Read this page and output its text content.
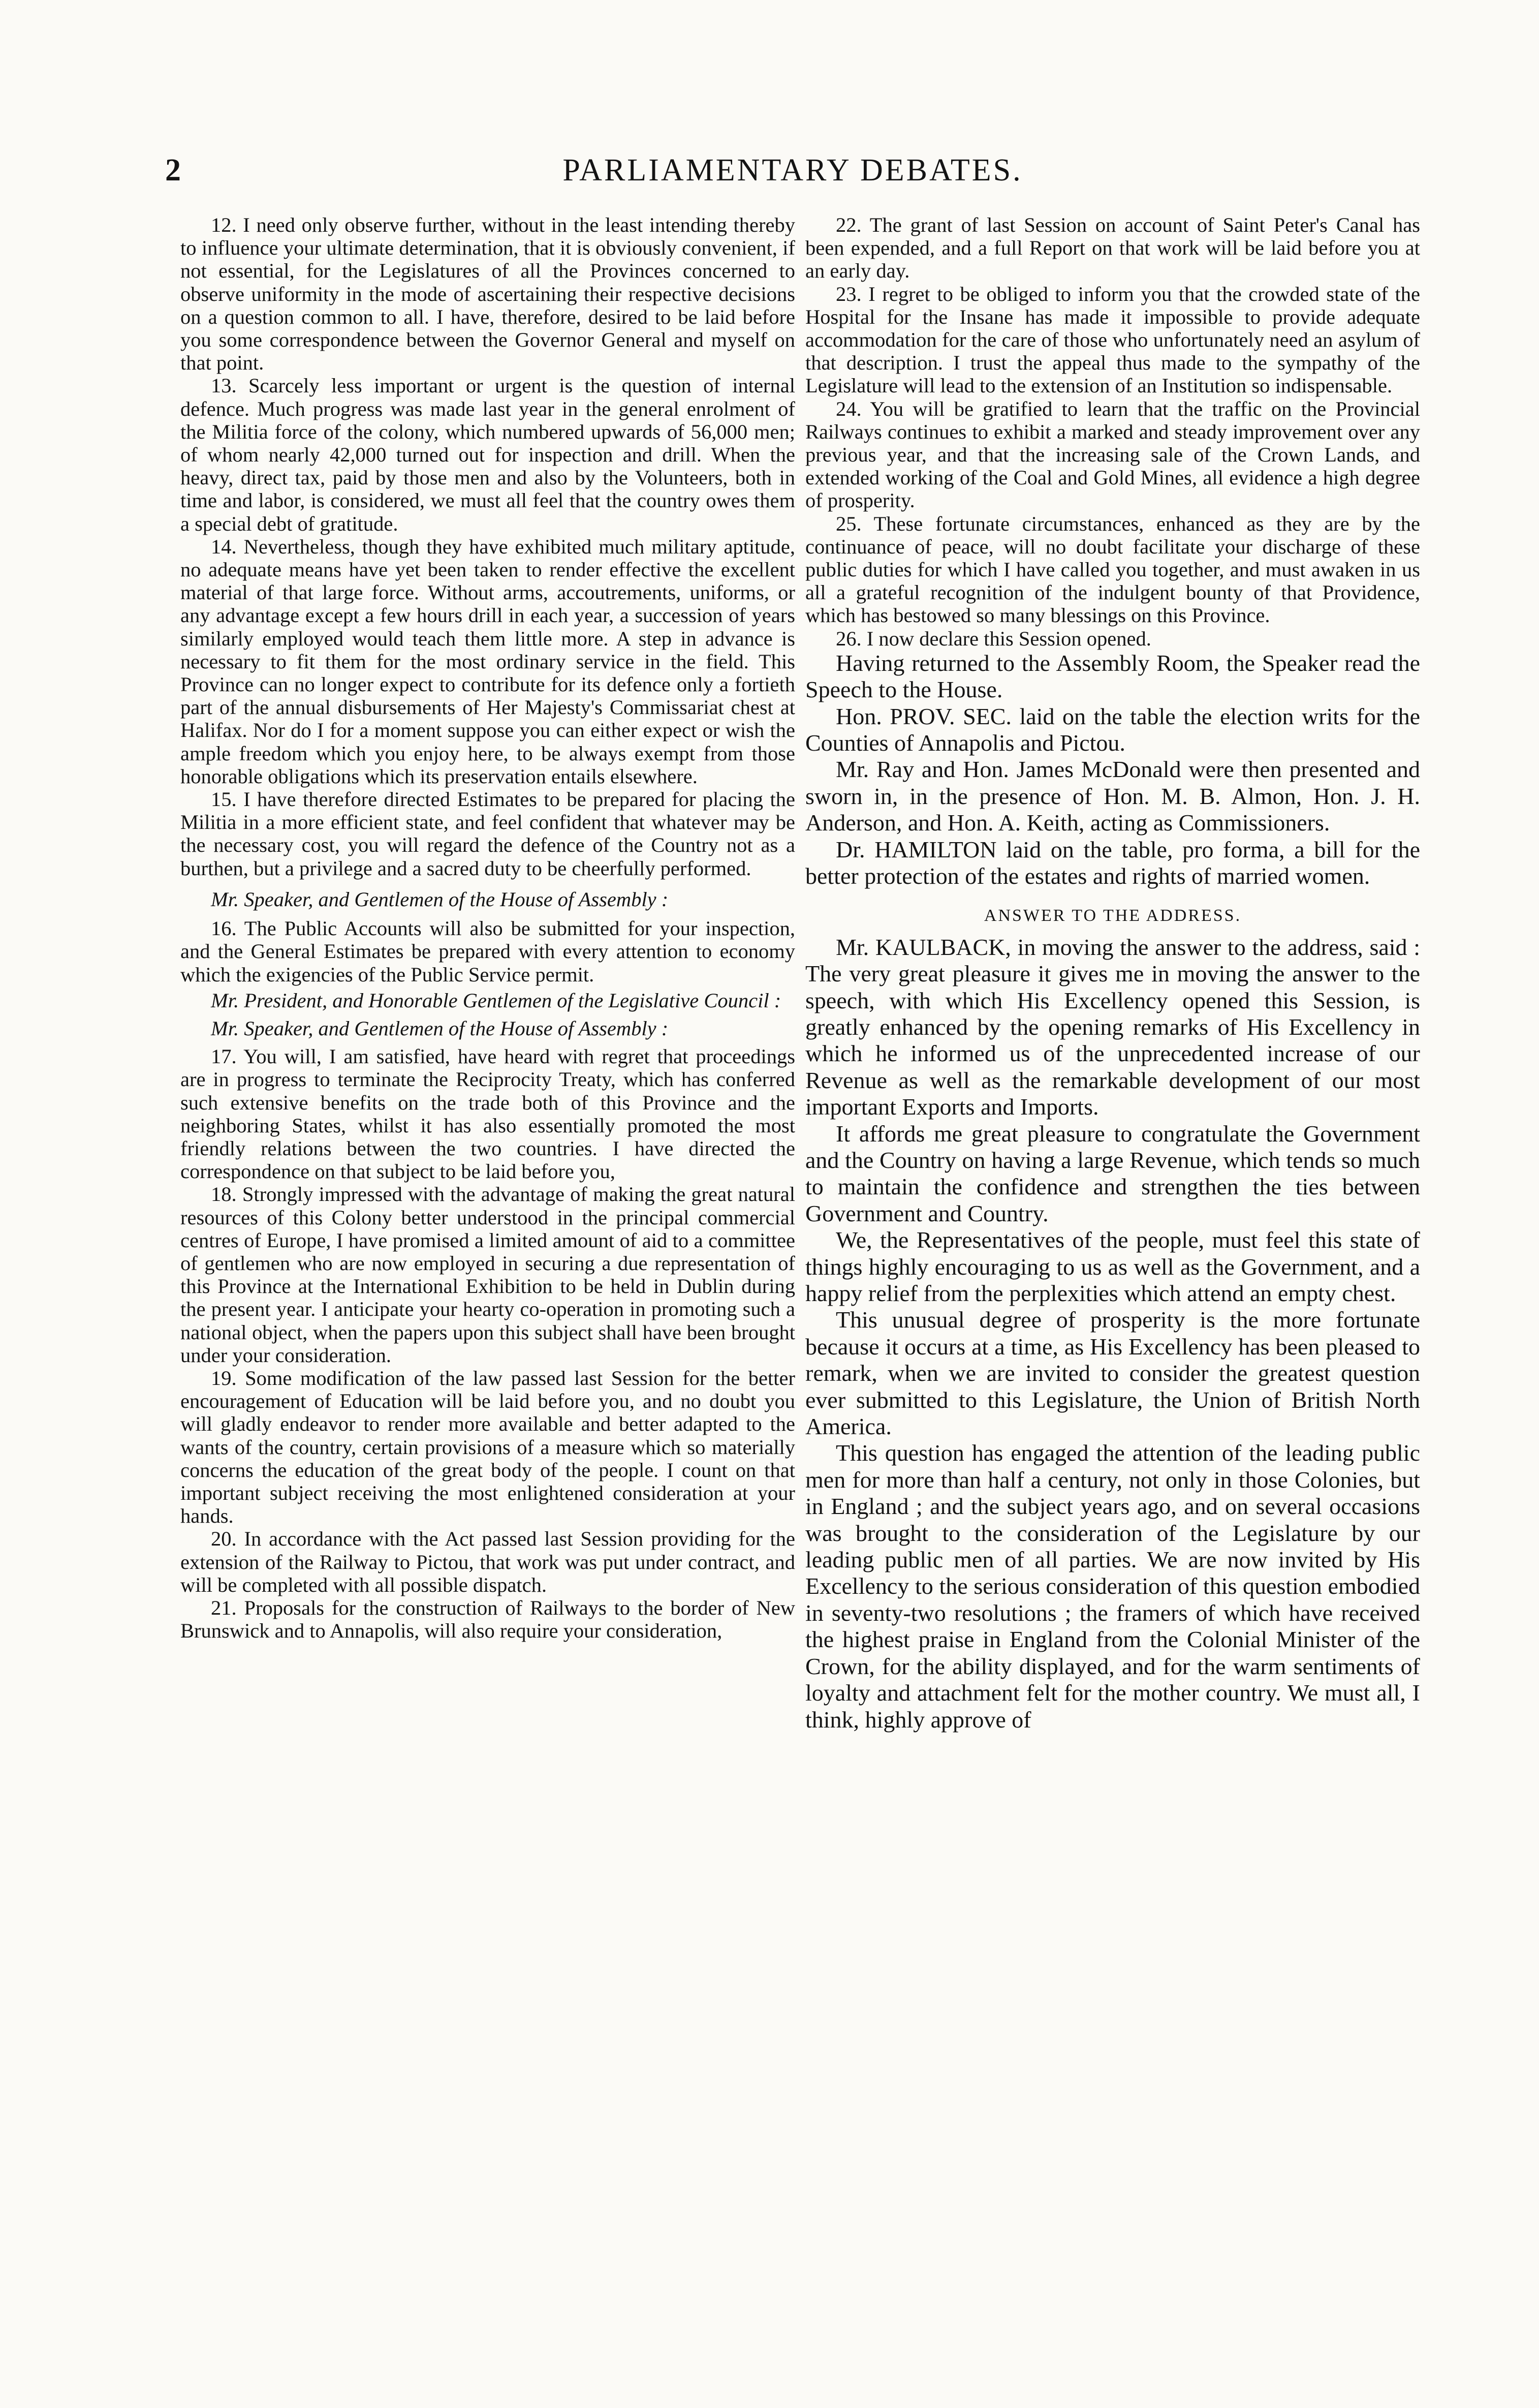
2	PARLIAMENTARY DEBATES.

12. I need only observe further, without in the least intending thereby to influence your ultimate determination, that it is obviously convenient, if not essential, for the Legislatures of all the Provinces concerned to observe uniformity in the mode of ascertaining their respective decisions on a question common to all. I have, therefore, desired to be laid before you some correspondence between the Governor General and myself on that point.

13. Scarcely less important or urgent is the question of internal defence. Much progress was made last year in the general enrolment of the Militia force of the colony, which numbered upwards of 56,000 men; of whom nearly 42,000 turned out for inspection and drill. When the heavy, direct tax, paid by those men and also by the Volunteers, both in time and labor, is considered, we must all feel that the country owes them a special debt of gratitude.

14. Nevertheless, though they have exhibited much military aptitude, no adequate means have yet been taken to render effective the excellent material of that large force. Without arms, accoutrements, uniforms, or any advantage except a few hours drill in each year, a succession of years similarly employed would teach them little more. A step in advance is necessary to fit them for the most ordinary service in the field. This Province can no longer expect to contribute for its defence only a fortieth part of the annual disbursements of Her Majesty's Commissariat chest at Halifax. Nor do I for a moment suppose you can either expect or wish the ample freedom which you enjoy here, to be always exempt from those honorable obligations which its preservation entails elsewhere.

15. I have therefore directed Estimates to be prepared for placing the Militia in a more efficient state, and feel confident that whatever may be the necessary cost, you will regard the defence of the Country not as a burthen, but a privilege and a sacred duty to be cheerfully performed.

Mr. Speaker, and Gentlemen of the House of Assembly :

16. The Public Accounts will also be submitted for your inspection, and the General Estimates be prepared with every attention to economy which the exigencies of the Public Service permit.

Mr. President, and Honorable Gentlemen of the Legislative Council :

Mr. Speaker, and Gentlemen of the House of Assembly :

17. You will, I am satisfied, have heard with regret that proceedings are in progress to terminate the Reciprocity Treaty, which has conferred such extensive benefits on the trade both of this Province and the neighboring States, whilst it has also essentially promoted the most friendly relations between the two countries. I have directed the correspondence on that subject to be laid before you,

18. Strongly impressed with the advantage of making the great natural resources of this Colony better understood in the principal commercial centres of Europe, I have promised a limited amount of aid to a committee of gentlemen who are now employed in securing a due representation of this Province at the International Exhibition to be held in Dublin during the present year. I anticipate your hearty co-operation in promoting such a national object, when the papers upon this subject shall have been brought under your consideration.

19. Some modification of the law passed last Session for the better encouragement of Education will be laid before you, and no doubt you will gladly endeavor to render more available and better adapted to the wants of the country, certain provisions of a measure which so materially concerns the education of the great body of the people. I count on that important subject receiving the most enlightened consideration at your hands.

20. In accordance with the Act passed last Session providing for the extension of the Railway to Pictou, that work was put under contract, and will be completed with all possible dispatch.

21. Proposals for the construction of Railways to the border of New Brunswick and to Annapolis, will also require your consideration,

22. The grant of last Session on account of Saint Peter's Canal has been expended, and a full Report on that work will be laid before you at an early day.

23. I regret to be obliged to inform you that the crowded state of the Hospital for the Insane has made it impossible to provide adequate accommodation for the care of those who unfortunately need an asylum of that description. I trust the appeal thus made to the sympathy of the Legislature will lead to the extension of an Institution so indispensable.

24. You will be gratified to learn that the traffic on the Provincial Railways continues to exhibit a marked and steady improvement over any previous year, and that the increasing sale of the Crown Lands, and extended working of the Coal and Gold Mines, all evidence a high degree of prosperity.

25. These fortunate circumstances, enhanced as they are by the continuance of peace, will no doubt facilitate your discharge of these public duties for which I have called you together, and must awaken in us all a grateful recognition of the indulgent bounty of that Providence, which has bestowed so many blessings on this Province.

26. I now declare this Session opened.

Having returned to the Assembly Room, the Speaker read the Speech to the House.

Hon. PROV. SEC. laid on the table the election writs for the Counties of Annapolis and Pictou.

Mr. Ray and Hon. James McDonald were then presented and sworn in, in the presence of Hon. M. B. Almon, Hon. J. H. Anderson, and Hon. A. Keith, acting as Commissioners.

Dr. HAMILTON laid on the table, pro forma, a bill for the better protection of the estates and rights of married women.

ANSWER TO THE ADDRESS.

Mr. KAULBACK, in moving the answer to the address, said : The very great pleasure it gives me in moving the answer to the speech, with which His Excellency opened this Session, is greatly enhanced by the opening remarks of His Excellency in which he informed us of the unprecedented increase of our Revenue as well as the remarkable development of our most important Exports and Imports.

It affords me great pleasure to congratulate the Government and the Country on having a large Revenue, which tends so much to maintain the confidence and strengthen the ties between Government and Country.

We, the Representatives of the people, must feel this state of things highly encouraging to us as well as the Government, and a happy relief from the perplexities which attend an empty chest.

This unusual degree of prosperity is the more fortunate because it occurs at a time, as His Excellency has been pleased to remark, when we are invited to consider the greatest question ever submitted to this Legislature, the Union of British North America.

This question has engaged the attention of the leading public men for more than half a century, not only in those Colonies, but in England ; and the subject years ago, and on several occasions was brought to the consideration of the Legislature by our leading public men of all parties. We are now invited by His Excellency to the serious consideration of this question embodied in seventy-two resolutions ; the framers of which have received the highest praise in England from the Colonial Minister of the Crown, for the ability displayed, and for the warm sentiments of loyalty and attachment felt for the mother country. We must all, I think, highly approve of
